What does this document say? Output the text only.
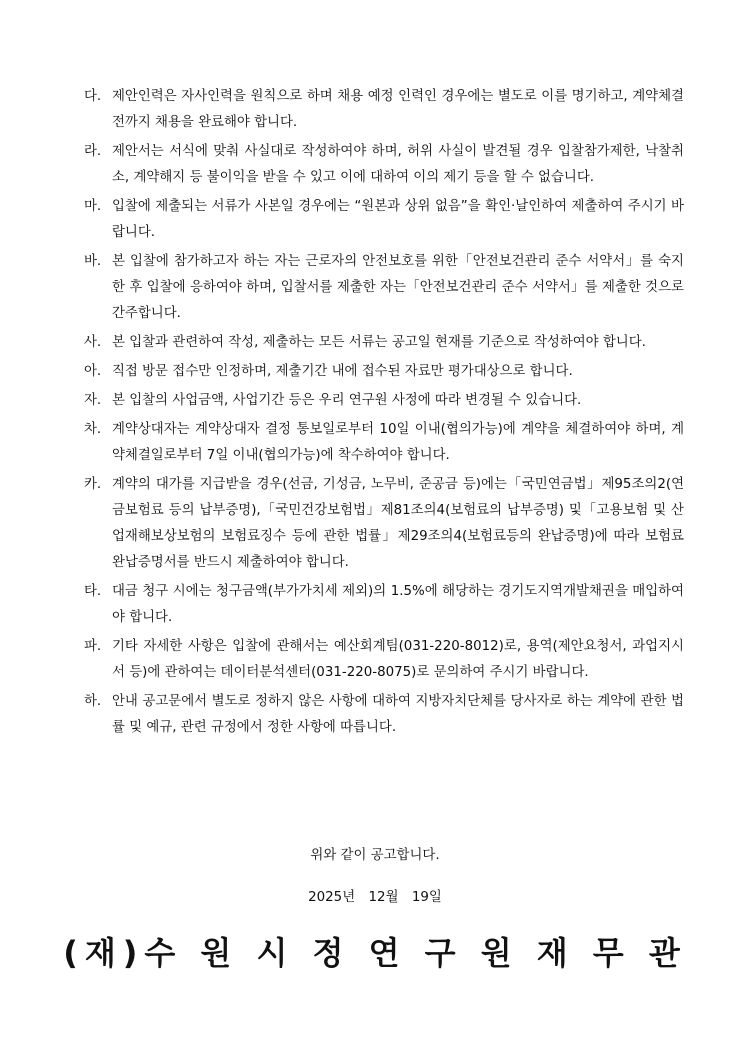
다. 제안인력은 자사인력을 원칙으로 하며 채용 예정 인력인 경우에는 별도로 이를 명기하고, 계약체결 전까지 채용을 완료해야 합니다.
라. 제안서는 서식에 맞춰 사실대로 작성하여야 하며, 허위 사실이 발견될 경우 입찰참가제한, 낙찰취소, 계약해지 등 불이익을 받을 수 있고 이에 대하여 이의 제기 등을 할 수 없습니다.
마. 입찰에 제출되는 서류가 사본일 경우에는 “원본과 상위 없음”을 확인·날인하여 제출하여 주시기 바랍니다.
바. 본 입찰에 참가하고자 하는 자는 근로자의 안전보호를 위한「안전보건관리 준수 서약서」를 숙지한 후 입찰에 응하여야 하며, 입찰서를 제출한 자는「안전보건관리 준수 서약서」를 제출한 것으로 간주합니다.
사. 본 입찰과 관련하여 작성, 제출하는 모든 서류는 공고일 현재를 기준으로 작성하여야 합니다.
아. 직접 방문 접수만 인정하며, 제출기간 내에 접수된 자료만 평가대상으로 합니다.
자. 본 입찰의 사업금액, 사업기간 등은 우리 연구원 사정에 따라 변경될 수 있습니다.
차. 계약상대자는 계약상대자 결정 통보일로부터 10일 이내(협의가능)에 계약을 체결하여야 하며, 계약체결일로부터 7일 이내(협의가능)에 착수하여야 합니다.
카. 계약의 대가를 지급받을 경우(선금, 기성금, 노무비, 준공금 등)에는「국민연금법」제95조의2(연금보험료 등의 납부증명),「국민건강보험법」제81조의4(보험료의 납부증명) 및「고용보험 및 산업재해보상보험의 보험료징수 등에 관한 법률」제29조의4(보험료등의 완납증명)에 따라 보험료 완납증명서를 반드시 제출하여야 합니다.
타. 대금 청구 시에는 청구금액(부가가치세 제외)의 1.5%에 해당하는 경기도지역개발채권을 매입하여야 합니다.
파. 기타 자세한 사항은 입찰에 관해서는 예산회계팀(031-220-8012)로, 용역(제안요청서, 과업지시서 등)에 관하여는 데이터분석센터(031-220-8075)로 문의하여 주시기 바랍니다.
하. 안내 공고문에서 별도로 정하지 않은 사항에 대하여 지방자치단체를 당사자로 하는 계약에 관한 법률 및 예규, 관련 규정에서 정한 사항에 따릅니다.
위와 같이 공고합니다.
2025년　12월　19일
(재)수 원 시 정 연 구 원 재 무 관
